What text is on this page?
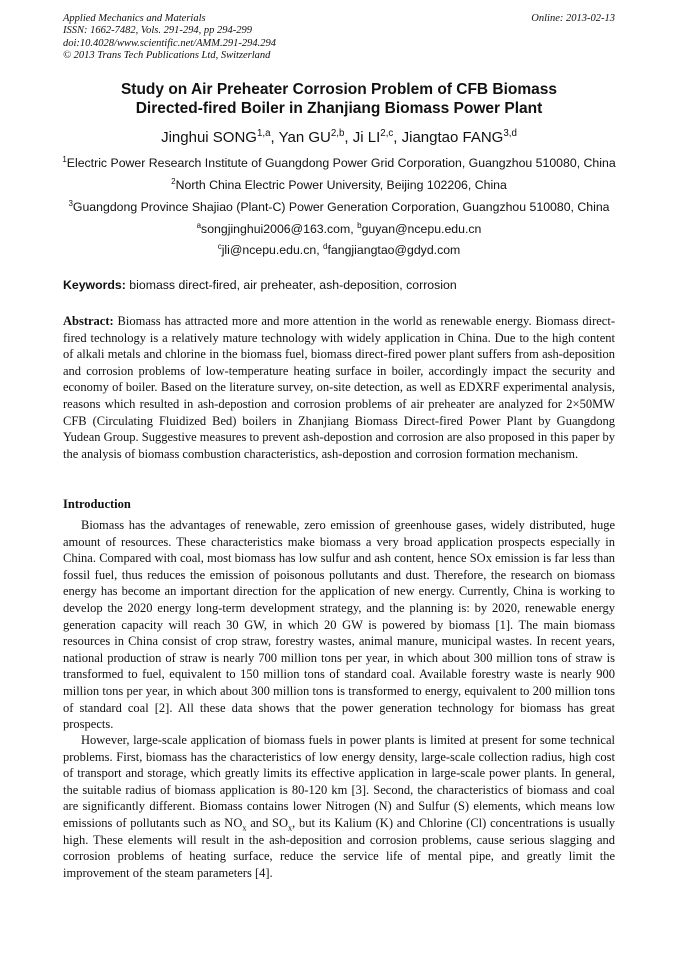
Applied Mechanics and Materials
ISSN: 1662-7482, Vols. 291-294, pp 294-299
doi:10.4028/www.scientific.net/AMM.291-294.294
© 2013 Trans Tech Publications Ltd, Switzerland
Online: 2013-02-13
Study on Air Preheater Corrosion Problem of CFB Biomass
Directed-fired Boiler in Zhanjiang Biomass Power Plant
Jinghui SONG$^{1,a}$, Yan GU$^{2,b}$, Ji LI$^{2,c}$, Jiangtao FANG$^{3,d}$
$^1$Electric Power Research Institute of Guangdong Power Grid Corporation, Guangzhou 510080, China
$^2$North China Electric Power University, Beijing 102206, China
$^3$Guangdong Province Shajiao (Plant-C) Power Generation Corporation, Guangzhou 510080, China
$^a$songjinghui2006@163.com, $^b$guyan@ncepu.edu.cn
$^c$jli@ncepu.edu.cn, $^d$fangjiangtao@gdyd.com
Keywords: biomass direct-fired, air preheater, ash-deposition, corrosion

Abstract: Biomass has attracted more and more attention in the world as renewable energy. Biomass direct-fired technology is a relatively mature technology with widely application in China. Due to the high content of alkali metals and chlorine in the biomass fuel, biomass direct-fired power plant suffers from ash-deposition and corrosion problems of low-temperature heating surface in boiler, accordingly impact the security and economy of boiler. Based on the literature survey, on-site detection, as well as EDXRF experimental analysis, reasons which resulted in ash-depostion and corrosion problems of air preheater are analyzed for 2×50MW CFB (Circulating Fluidized Bed) boilers in Zhanjiang Biomass Direct-fired Power Plant by Guangdong Yudean Group. Suggestive measures to prevent ash-depostion and corrosion are also proposed in this paper by the analysis of biomass combustion characteristics, ash-depostion and corrosion formation mechanism.

Introduction

Biomass has the advantages of renewable, zero emission of greenhouse gases, widely distributed, huge amount of resources. These characteristics make biomass a very broad application prospects especially in China. Compared with coal, most biomass has low sulfur and ash content, hence SOx emission is far less than fossil fuel, thus reduces the emission of poisonous pollutants and dust. Therefore, the research on biomass energy has become an important direction for the application of new energy. Currently, China is working to develop the 2020 energy long-term development strategy, and the planning is: by 2020, renewable energy generation capacity will reach 30 GW, in which 20 GW is powered by biomass [1]. The main biomass resources in China consist of crop straw, forestry wastes, animal manure, municipal wastes. In recent years, national production of straw is nearly 700 million tons per year, in which about 300 million tons of straw is transformed to fuel, equivalent to 150 million tons of standard coal. Available forestry waste is nearly 900 million tons per year, in which about 300 million tons is transformed to energy, equivalent to 200 million tons of standard coal [2]. All these data shows that the power generation technology for biomass has great prospects.

However, large-scale application of biomass fuels in power plants is limited at present for some technical problems. First, biomass has the characteristics of low energy density, large-scale collection radius, high cost of transport and storage, which greatly limits its effective application in large-scale power plants. In general, the suitable radius of biomass application is 80-120 km [3]. Second, the characteristics of biomass and coal are significantly different. Biomass contains lower Nitrogen (N) and Sulfur (S) elements, which means low emissions of pollutants such as $NO_x$ and $SO_x$, but its Kalium (K) and Chlorine (Cl) concentrations is usually high. These elements will result in the ash-deposition and corrosion problems, cause serious slagging and corrosion problems of heating surface, reduce the service life of mental pipe, and greatly limit the improvement of the steam parameters [4].
